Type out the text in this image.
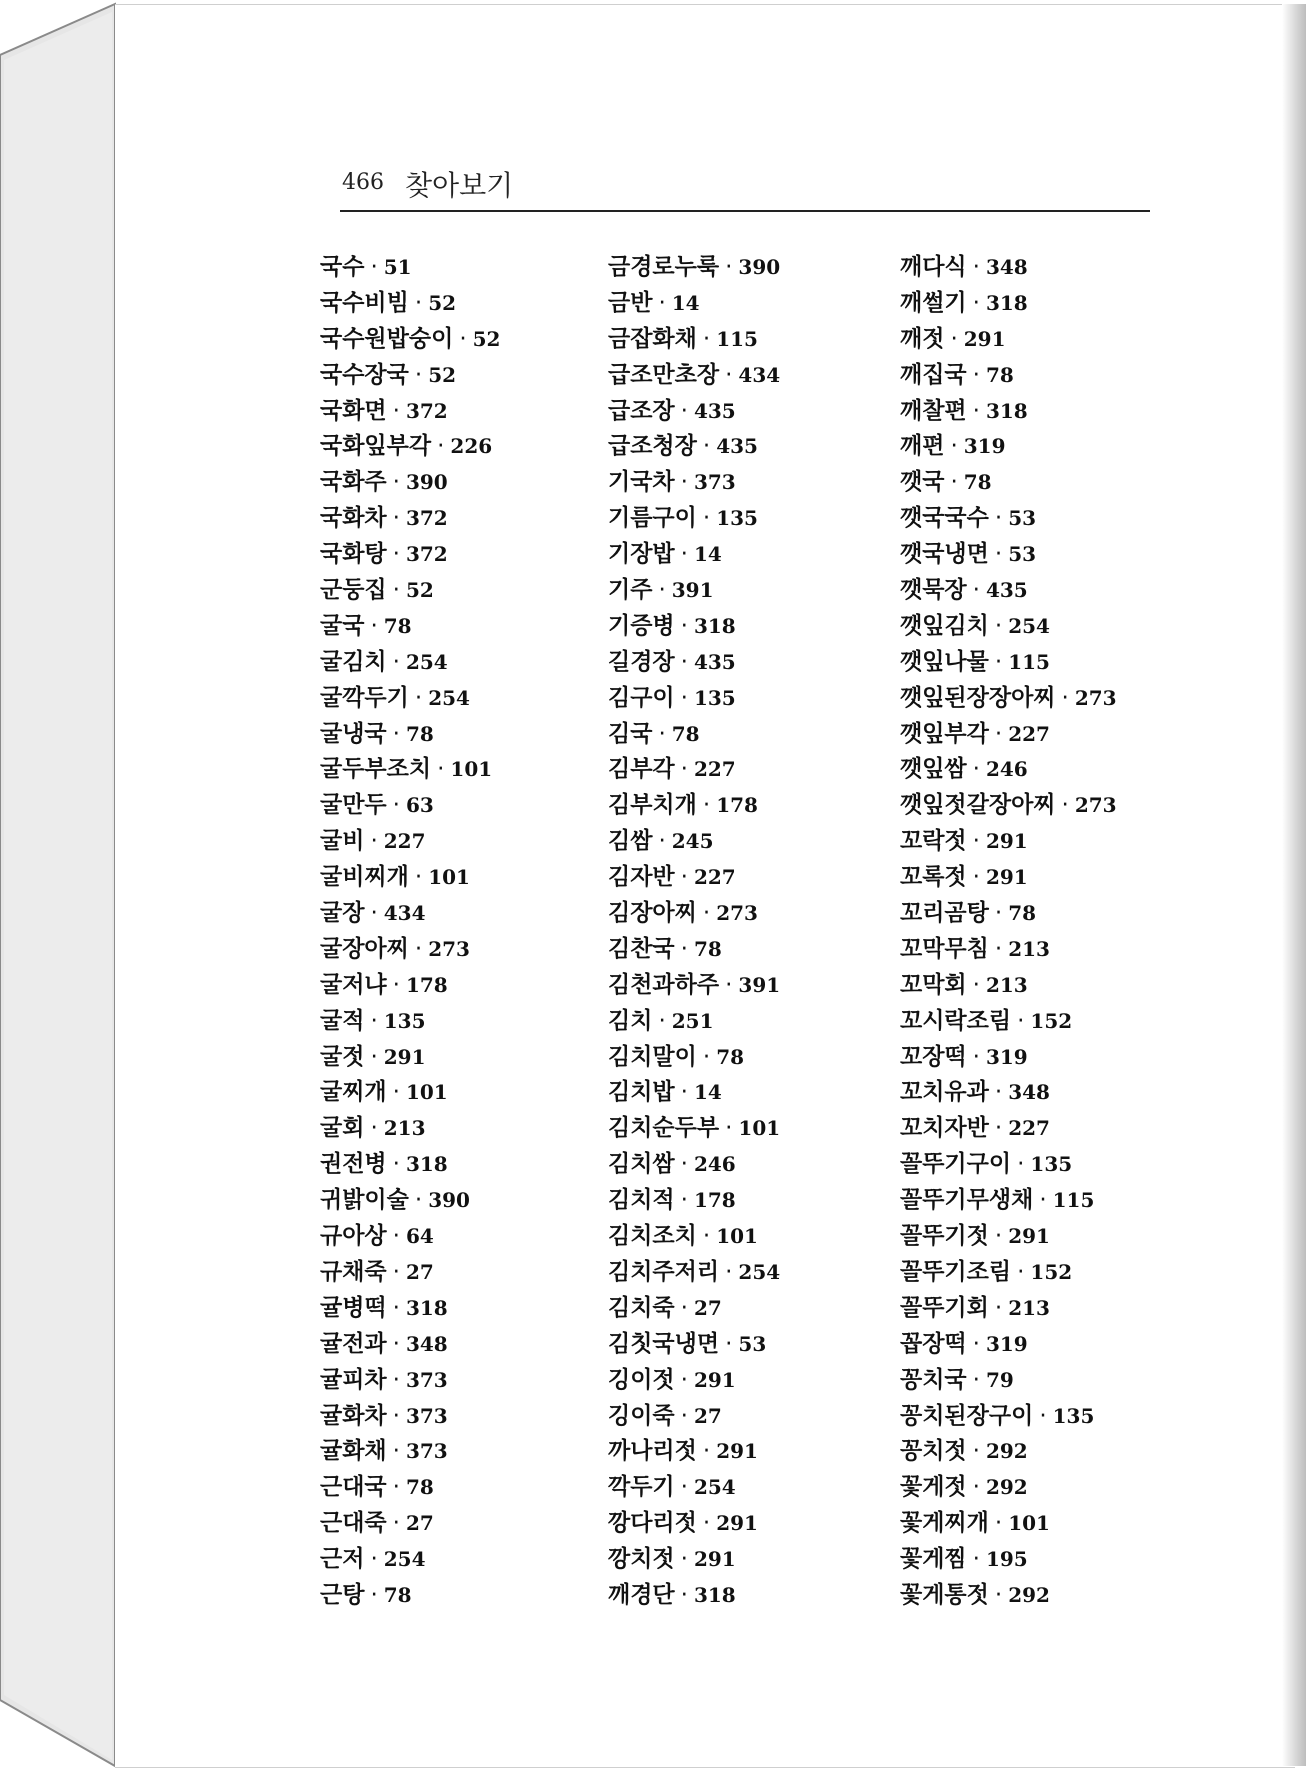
466 찾아보기
국수 · 51
국수비빔 · 52
국수원밥숭이 · 52
국수장국 · 52
국화면 · 372
국화잎부각 · 226
국화주 · 390
국화차 · 372
국화탕 · 372
군둥집 · 52
굴국 · 78
굴김치 · 254
굴깍두기 · 254
굴냉국 · 78
굴두부조치 · 101
굴만두 · 63
굴비 · 227
굴비찌개 · 101
굴장 · 434
굴장아찌 · 273
굴저냐 · 178
굴적 · 135
굴젓 · 291
굴찌개 · 101
굴회 · 213
권전병 · 318
귀밝이술 · 390
규아상 · 64
규채죽 · 27
귤병떡 · 318
귤전과 · 348
귤피차 · 373
귤화차 · 373
귤화채 · 373
근대국 · 78
근대죽 · 27
근저 · 254
근탕 · 78
금경로누룩 · 390
금반 · 14
금잡화채 · 115
급조만초장 · 434
급조장 · 435
급조청장 · 435
기국차 · 373
기름구이 · 135
기장밥 · 14
기주 · 391
기증병 · 318
길경장 · 435
김구이 · 135
김국 · 78
김부각 · 227
김부치개 · 178
김쌈 · 245
김자반 · 227
김장아찌 · 273
김찬국 · 78
김천과하주 · 391
김치 · 251
김치말이 · 78
김치밥 · 14
김치순두부 · 101
김치쌈 · 246
김치적 · 178
김치조치 · 101
김치주저리 · 254
김치죽 · 27
김칫국냉면 · 53
깅이젓 · 291
깅이죽 · 27
까나리젓 · 291
깍두기 · 254
깡다리젓 · 291
깡치젓 · 291
깨경단 · 318
깨다식 · 348
깨썰기 · 318
깨젓 · 291
깨집국 · 78
깨찰편 · 318
깨편 · 319
깻국 · 78
깻국국수 · 53
깻국냉면 · 53
깻묵장 · 435
깻잎김치 · 254
깻잎나물 · 115
깻잎된장장아찌 · 273
깻잎부각 · 227
깻잎쌈 · 246
깻잎젓갈장아찌 · 273
꼬락젓 · 291
꼬록젓 · 291
꼬리곰탕 · 78
꼬막무침 · 213
꼬막회 · 213
꼬시락조림 · 152
꼬장떡 · 319
꼬치유과 · 348
꼬치자반 · 227
꼴뚜기구이 · 135
꼴뚜기무생채 · 115
꼴뚜기젓 · 291
꼴뚜기조림 · 152
꼴뚜기회 · 213
꼽장떡 · 319
꽁치국 · 79
꽁치된장구이 · 135
꽁치젓 · 292
꽃게젓 · 292
꽃게찌개 · 101
꽃게찜 · 195
꽃게통젓 · 292
